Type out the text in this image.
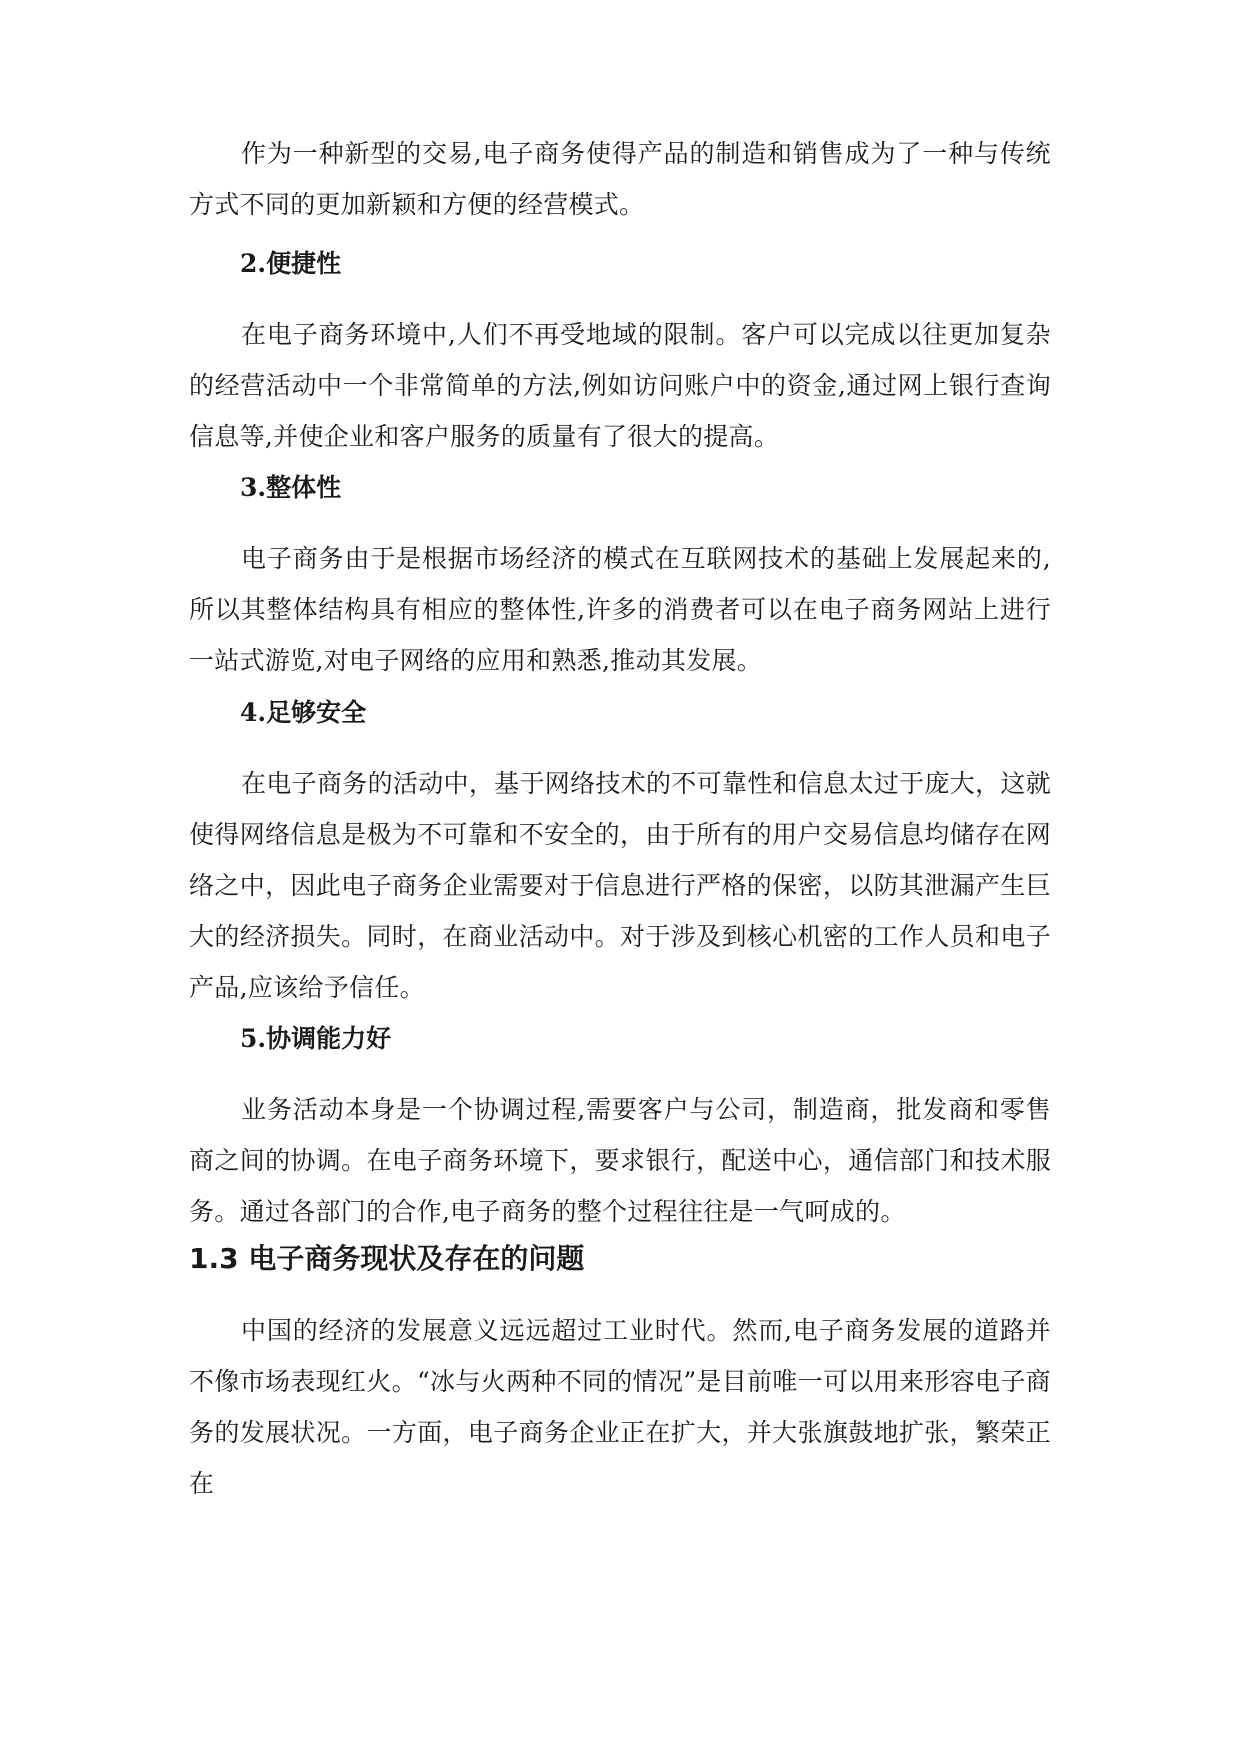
作为一种新型的交易,电子商务使得产品的制造和销售成为了一种与传统方式不同的更加新颖和方便的经营模式。

2.便捷性

在电子商务环境中,人们不再受地域的限制。客户可以完成以往更加复杂的经营活动中一个非常简单的方法,例如访问账户中的资金,通过网上银行查询信息等,并使企业和客户服务的质量有了很大的提高。

3.整体性

电子商务由于是根据市场经济的模式在互联网技术的基础上发展起来的,所以其整体结构具有相应的整体性,许多的消费者可以在电子商务网站上进行一站式游览,对电子网络的应用和熟悉,推动其发展。

4.足够安全

在电子商务的活动中，基于网络技术的不可靠性和信息太过于庞大，这就使得网络信息是极为不可靠和不安全的，由于所有的用户交易信息均储存在网络之中，因此电子商务企业需要对于信息进行严格的保密，以防其泄漏产生巨大的经济损失。同时，在商业活动中。对于涉及到核心机密的工作人员和电子产品,应该给予信任。

5.协调能力好

业务活动本身是一个协调过程,需要客户与公司，制造商，批发商和零售商之间的协调。在电子商务环境下，要求银行，配送中心，通信部门和技术服务。通过各部门的合作,电子商务的整个过程往往是一气呵成的。

1.3 电子商务现状及存在的问题

中国的经济的发展意义远远超过工业时代。然而,电子商务发展的道路并不像市场表现红火。“冰与火两种不同的情况”是目前唯一可以用来形容电子商务的发展状况。一方面，电子商务企业正在扩大，并大张旗鼓地扩张，繁荣正在
